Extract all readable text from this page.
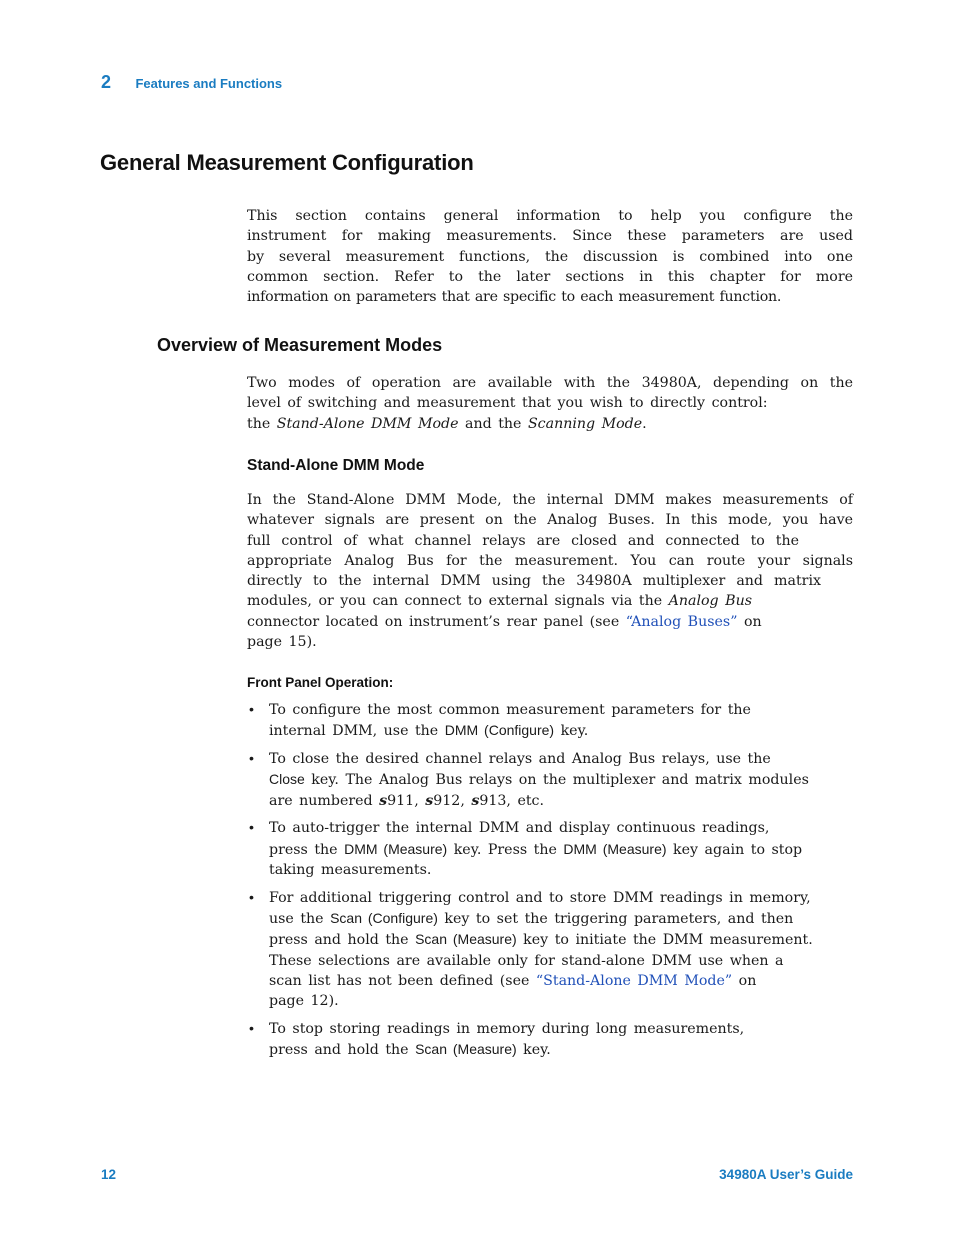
2 Features and Functions
General Measurement Configuration
This section contains general information to help you configure the
instrument for making measurements. Since these parameters are used
by several measurement functions, the discussion is combined into one
common section. Refer to the later sections in this chapter for more
information on parameters that are specific to each measurement function.
Overview of Measurement Modes
Two modes of operation are available with the 34980A, depending on the
level of switching and measurement that you wish to directly control:
the Stand-Alone DMM Mode and the Scanning Mode.
Stand-Alone DMM Mode
In the Stand-Alone DMM Mode, the internal DMM makes measurements of
whatever signals are present on the Analog Buses. In this mode, you have
full control of what channel relays are closed and connected to the
appropriate Analog Bus for the measurement. You can route your signals
directly to the internal DMM using the 34980A multiplexer and matrix
modules, or you can connect to external signals via the Analog Bus
connector located on instrument’s rear panel (see “Analog Buses” on
page 15).
Front Panel Operation:
• To configure the most common measurement parameters for the
internal DMM, use the DMM (Configure) key.
• To close the desired channel relays and Analog Bus relays, use the
Close key. The Analog Bus relays on the multiplexer and matrix modules
are numbered s911, s912, s913, etc.
• To auto-trigger the internal DMM and display continuous readings,
press the DMM (Measure) key. Press the DMM (Measure) key again to stop
taking measurements.
• For additional triggering control and to store DMM readings in memory,
use the Scan (Configure) key to set the triggering parameters, and then
press and hold the Scan (Measure) key to initiate the DMM measurement.
These selections are available only for stand-alone DMM use when a
scan list has not been defined (see “Stand-Alone DMM Mode” on
page 12).
• To stop storing readings in memory during long measurements,
press and hold the Scan (Measure) key.
12	34980A User’s Guide
